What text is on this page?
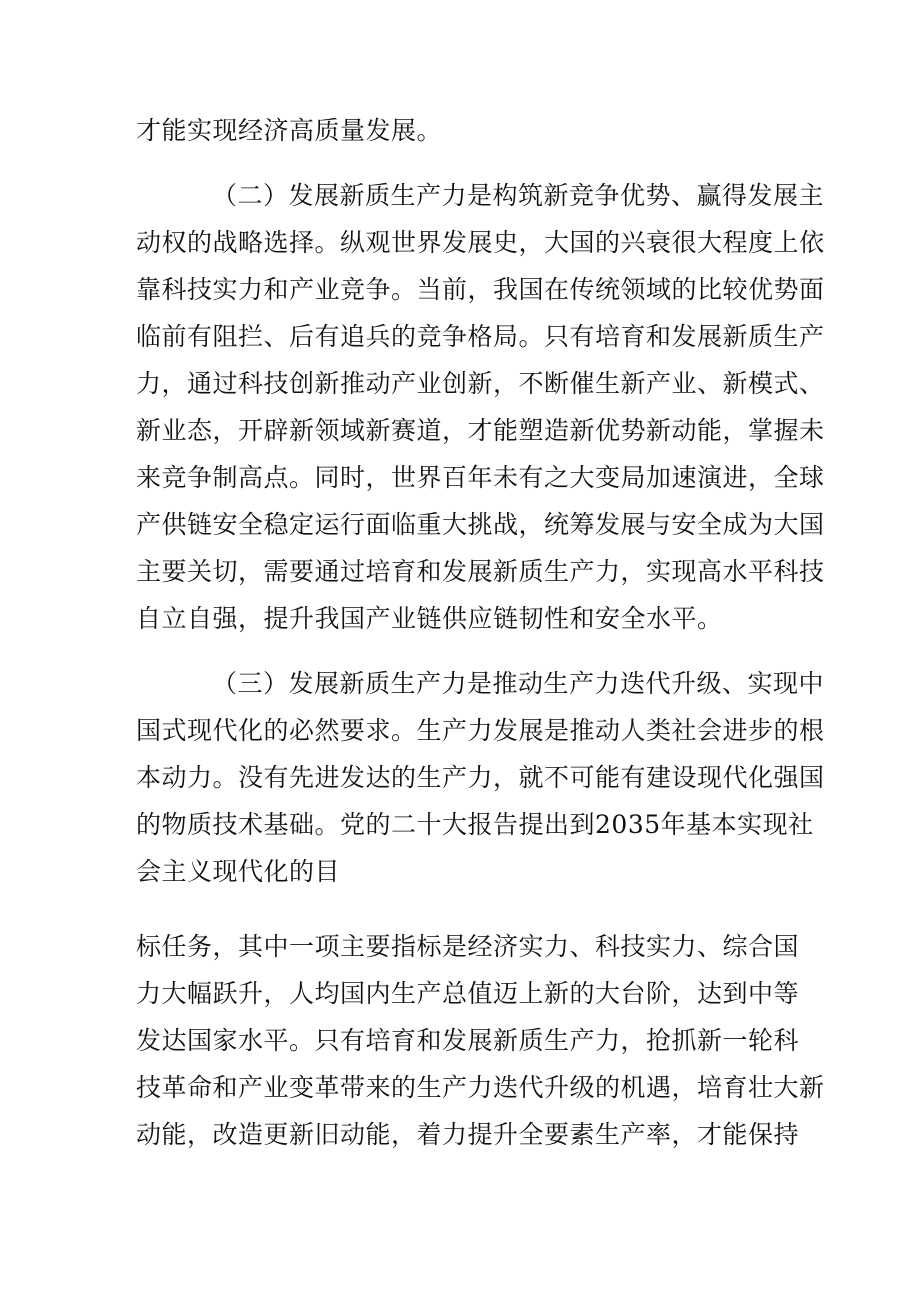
才能实现经济高质量发展。
（二）发展新质生产力是构筑新竞争优势、赢得发展主
动权的战略选择。纵观世界发展史，大国的兴衰很大程度上依
靠科技实力和产业竞争。当前，我国在传统领域的比较优势面
临前有阻拦、后有追兵的竞争格局。只有培育和发展新质生产
力，通过科技创新推动产业创新，不断催生新产业、新模式、
新业态，开辟新领域新赛道，才能塑造新优势新动能，掌握未
来竞争制高点。同时，世界百年未有之大变局加速演进，全球
产供链安全稳定运行面临重大挑战，统筹发展与安全成为大国
主要关切，需要通过培育和发展新质生产力，实现高水平科技
自立自强，提升我国产业链供应链韧性和安全水平。
（三）发展新质生产力是推动生产力迭代升级、实现中
国式现代化的必然要求。生产力发展是推动人类社会进步的根
本动力。没有先进发达的生产力，就不可能有建设现代化强国
的物质技术基础。党的二十大报告提出到2035年基本实现社
会主义现代化的目
标任务，其中一项主要指标是经济实力、科技实力、综合国
力大幅跃升，人均国内生产总值迈上新的大台阶，达到中等
发达国家水平。只有培育和发展新质生产力，抢抓新一轮科
技革命和产业变革带来的生产力迭代升级的机遇，培育壮大新
动能，改造更新旧动能，着力提升全要素生产率，才能保持
